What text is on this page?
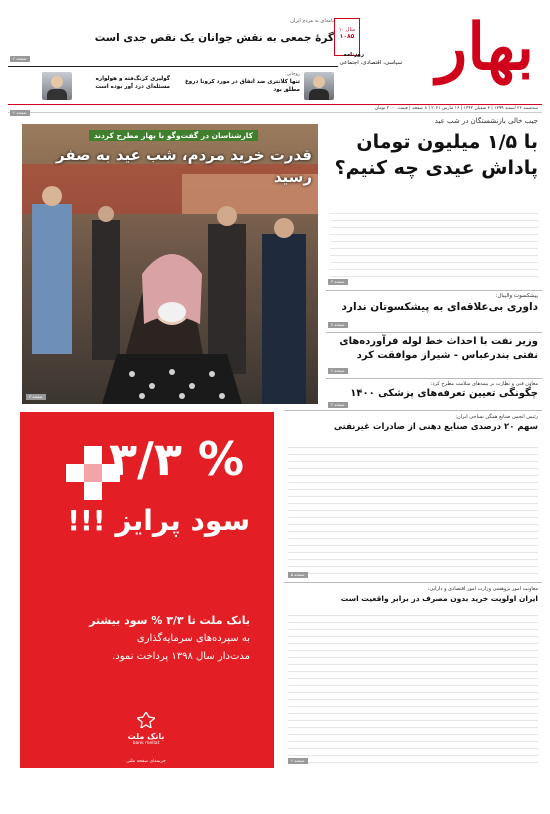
سال ۱۰
۱۰۸۵ بهار
روزنامه
سیاسی، اقتصادی، اجتماعی
سه‌شنبه ۲۶ اسفند ۱۳۹۹ | ۳ شعبان ۱۴۴۲ | ۱۶ مارس ۲۰۲۱ | ۸ صفحه | قیمت ۲۰۰۰ تومان
نامه‌ای به مردم ایران
گرهٔ جمعی به نقش جوانان یک نقص جدی است
روحانی:
تنها کلانتری ضد اتفاق در مورد کرونا دروغ مطلق بود
گولیری کرنگ‌فته و هولواره مسئله‌ای درد آور بوده است
صفحه ۲
صفحه ۲
جیب خالی بازنشستگان در شب عید
با ۱/۵ میلیون تومان پاداش عیدی چه کنیم؟
صفحه ۳
کارشناسان در گفت‌وگو با بهار مطرح کردند
قدرت خرید مردم، شب عید به صفر رسید
صفحه ۳
پیشکسوت والیبال:
داوری بی‌علاقه‌ای به پیشکسوتان ندارد
صفحه ۷
وزیر نفت با احداث خط لوله فرآورده‌های نفتی بندرعباس - شیراز موافقت کرد
صفحه ۶
معاون فنی و نظارت بر بیمه‌های سلامت مطرح کرد:
چگونگی تعیین تعرفه‌های پزشکی ۱۴۰۰
صفحه ۴
رئیس انجمن صنایع همگن نساجی ایران:
سهم ۲۰ درصدی صنایع دهنی از صادرات غیرنفتی
صفحه ۵
معاونت امور پژوهشی وزارت امور اقتصادی و دارایی:
ایران اولویت خرید بدون مصرف در برابر واقعیت است
صفحه ۶
۳/۳ %
سود پرایز !!!
بانک ملت تا ۳/۳ % سود بیشتر
به سپرده‌های سرمایه‌گذاری
مدت‌دار سال ۱۳۹۸ پرداخت نمود.
بانک ملت
bank mellat
جریمه‌ای صفحه ملتی
